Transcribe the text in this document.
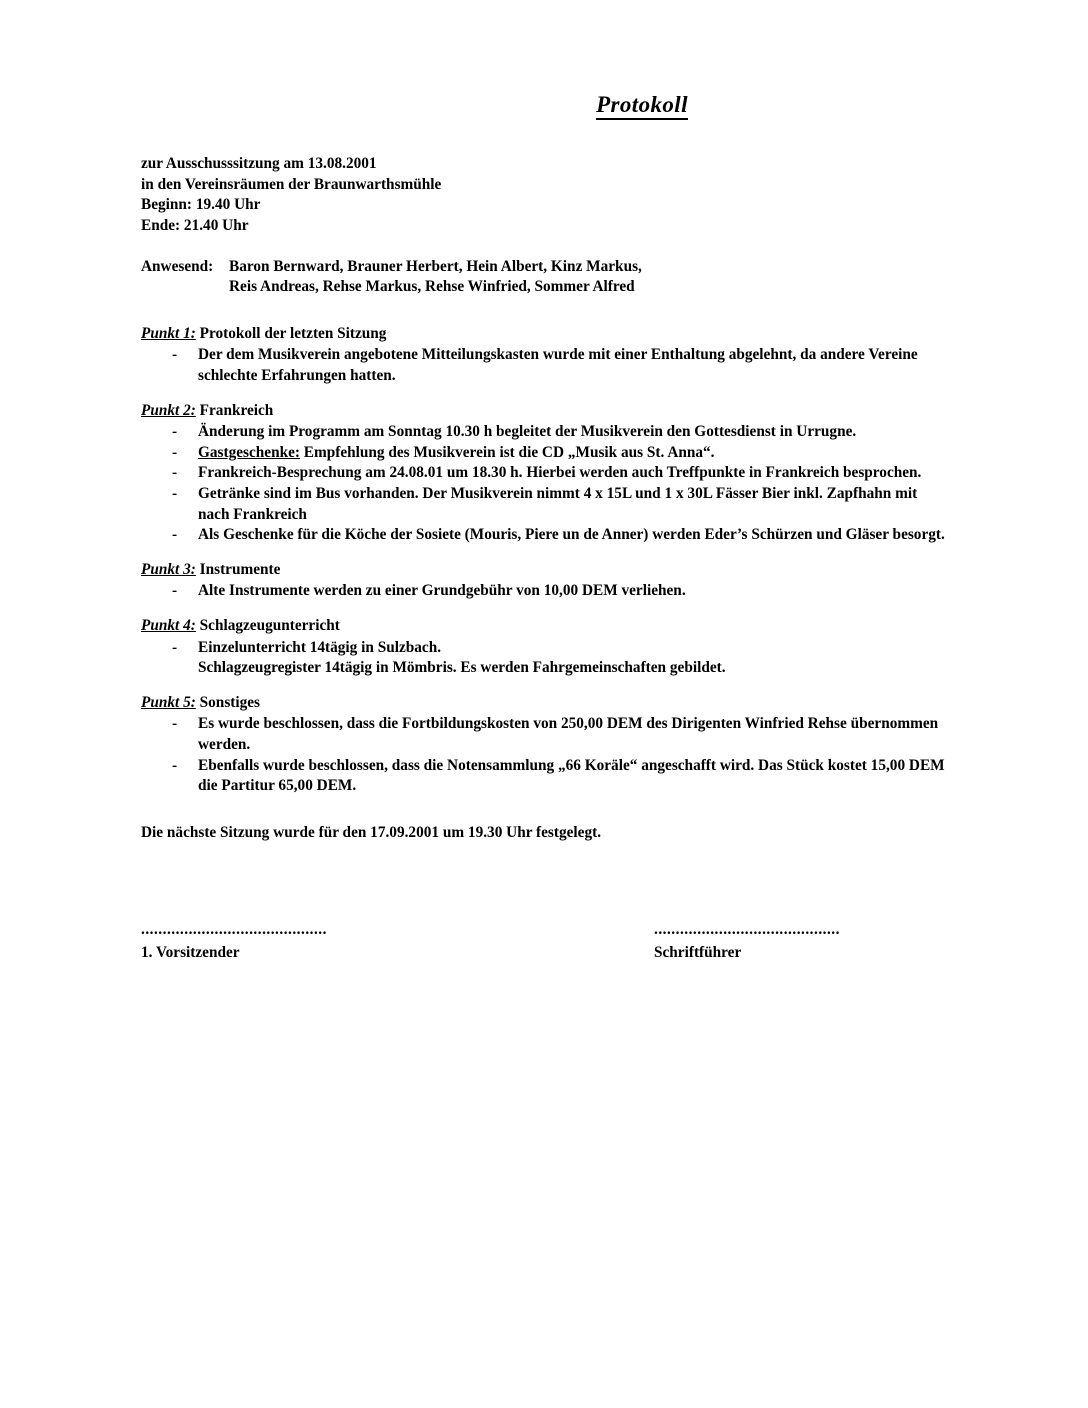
Protokoll
zur Ausschusssitzung am 13.08.2001
in den Vereinsräumen der Braunwarthsmühle
Beginn: 19.40 Uhr
Ende: 21.40 Uhr
Anwesend:	Baron Bernward, Brauner Herbert, Hein Albert, Kinz Markus,
Reis Andreas, Rehse Markus, Rehse Winfried, Sommer Alfred
Punkt 1: Protokoll der letzten Sitzung
- Der dem Musikverein angebotene Mitteilungskasten wurde mit einer Enthaltung abgelehnt, da andere Vereine schlechte Erfahrungen hatten.
Punkt 2: Frankreich
- Änderung im Programm am Sonntag 10.30 h begleitet der Musikverein den Gottesdienst in Urrugne.
- Gastgeschenke: Empfehlung des Musikverein ist die CD „Musik aus St. Anna“.
- Frankreich-Besprechung am 24.08.01 um 18.30 h. Hierbei werden auch Treffpunkte in Frankreich besprochen.
- Getränke sind im Bus vorhanden. Der Musikverein nimmt 4 x 15L und 1 x 30L Fässer Bier inkl. Zapfhahn mit nach Frankreich
- Als Geschenke für die Köche der Sosiete (Mouris, Piere un de Anner) werden Eder’s Schürzen und Gläser besorgt.
Punkt 3: Instrumente
- Alte Instrumente werden zu einer Grundgebühr von 10,00 DEM verliehen.
Punkt 4: Schlagzeugunterricht
- Einzelunterricht 14tägig in Sulzbach.
Schlagzeugregister 14tägig in Mömbris. Es werden Fahrgemeinschaften gebildet.
Punkt 5: Sonstiges
- Es wurde beschlossen, dass die Fortbildungskosten von 250,00 DEM des Dirigenten Winfried Rehse übernommen werden.
- Ebenfalls wurde beschlossen, dass die Notensammlung „66 Koräle“ angeschafft wird. Das Stück kostet 15,00 DEM die Partitur 65,00 DEM.

Die nächste Sitzung wurde für den 17.09.2001 um 19.30 Uhr festgelegt.

...........................................
1. Vorsitzender
...........................................
Schriftführer
